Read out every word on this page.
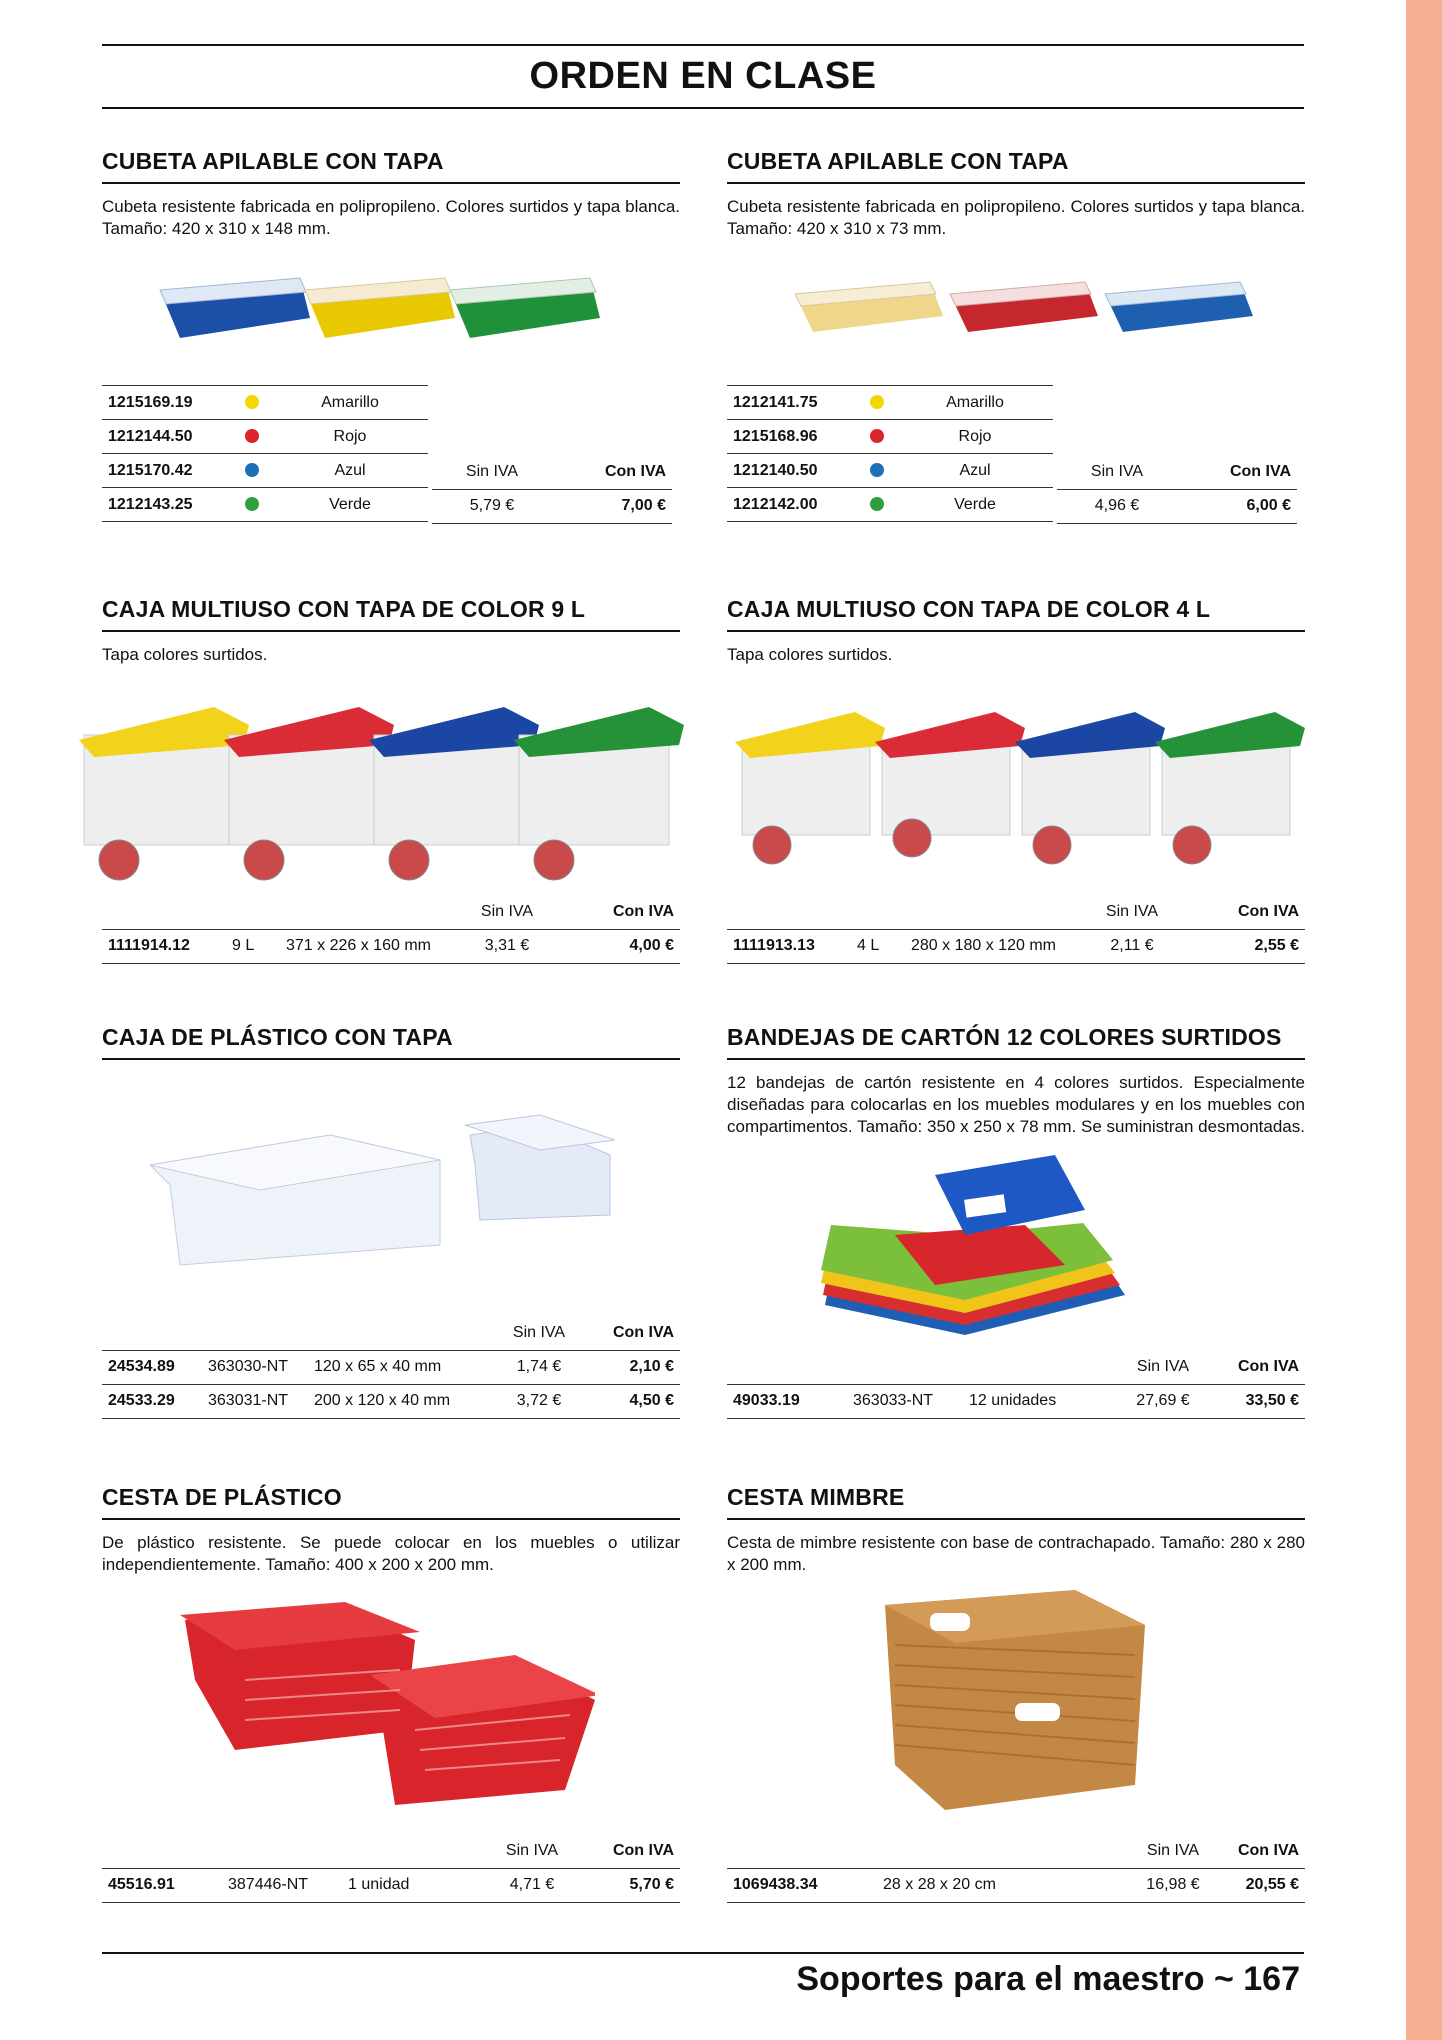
ORDEN EN CLASE
CUBETA APILABLE CON TAPA
Cubeta resistente fabricada en polipropileno. Colores surtidos y tapa blanca. Tamaño: 420 x 310 x 148 mm.
1215169.19		Amarillo
1212144.50		Rojo
1215170.42		Azul
1212143.25		Verde
Sin IVA	Con IVA
5,79 €	7,00 €
CUBETA APILABLE CON TAPA
Cubeta resistente fabricada en polipropileno. Colores surtidos y tapa blanca. Tamaño: 420 x 310 x 73 mm.
1212141.75		Amarillo
1215168.96		Rojo
1212140.50		Azul
1212142.00		Verde
Sin IVA	Con IVA
4,96 €	6,00 €
CAJA MULTIUSO CON TAPA DE COLOR 9 L
Tapa colores surtidos.
			Sin IVA	Con IVA
1111914.12	9 L	371 x 226 x 160 mm	3,31 €	4,00 €
CAJA MULTIUSO CON TAPA DE COLOR 4 L
Tapa colores surtidos.
			Sin IVA	Con IVA
1111913.13	4 L	280 x 180 x 120 mm	2,11 €	2,55 €
CAJA DE PLÁSTICO CON TAPA
			Sin IVA	Con IVA
24534.89	363030-NT	120 x 65 x 40 mm	1,74 €	2,10 €
24533.29	363031-NT	200 x 120 x 40 mm	3,72 €	4,50 €
BANDEJAS DE CARTÓN 12 COLORES SURTIDOS
12 bandejas de cartón resistente en 4 colores surtidos. Especialmente diseñadas para colocarlas en los muebles modulares y en los muebles con compartimentos. Tamaño: 350 x 250 x 78 mm. Se suministran desmontadas.
			Sin IVA	Con IVA
49033.19	363033-NT	12 unidades	27,69 €	33,50 €
CESTA DE PLÁSTICO
De plástico resistente. Se puede colocar en los muebles o utilizar independientemente. Tamaño: 400 x 200 x 200 mm.
			Sin IVA	Con IVA
45516.91	387446-NT	1 unidad	4,71 €	5,70 €
CESTA MIMBRE
Cesta de mimbre resistente con base de contrachapado. Tamaño: 280 x 280 x 200 mm.
		Sin IVA	Con IVA
1069438.34	28 x 28 x 20 cm	16,98 €	20,55 €
Soportes para el maestro ~ 167
